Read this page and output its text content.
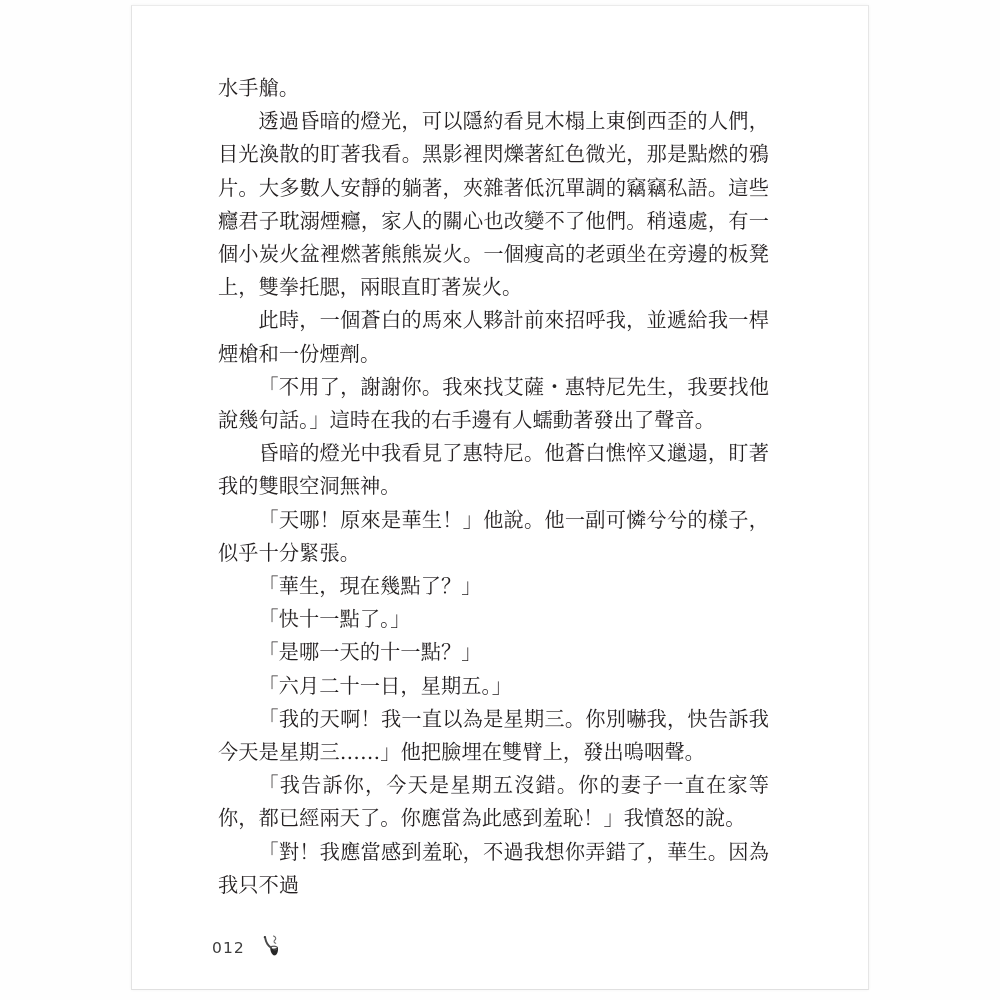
水手艙。

透過昏暗的燈光，可以隱約看見木榻上東倒西歪的人們，目光渙散的盯著我看。黑影裡閃爍著紅色微光，那是點燃的鴉片。大多數人安靜的躺著，夾雜著低沉單調的竊竊私語。這些癮君子耽溺煙癮，家人的關心也改變不了他們。稍遠處，有一個小炭火盆裡燃著熊熊炭火。一個瘦高的老頭坐在旁邊的板凳上，雙拳托腮，兩眼直盯著炭火。

此時，一個蒼白的馬來人夥計前來招呼我，並遞給我一桿煙槍和一份煙劑。

「不用了，謝謝你。我來找艾薩・惠特尼先生，我要找他說幾句話。」這時在我的右手邊有人蠕動著發出了聲音。

昏暗的燈光中我看見了惠特尼。他蒼白憔悴又邋遢，盯著我的雙眼空洞無神。

「天哪！原來是華生！」他說。他一副可憐兮兮的樣子，似乎十分緊張。

「華生，現在幾點了？」

「快十一點了。」

「是哪一天的十一點？」

「六月二十一日，星期五。」

「我的天啊！我一直以為是星期三。你別嚇我，快告訴我今天是星期三……」他把臉埋在雙臂上，發出嗚咽聲。

「我告訴你，今天是星期五沒錯。你的妻子一直在家等你，都已經兩天了。你應當為此感到羞恥！」我憤怒的說。

「對！我應當感到羞恥，不過我想你弄錯了，華生。因為我只不過

012
